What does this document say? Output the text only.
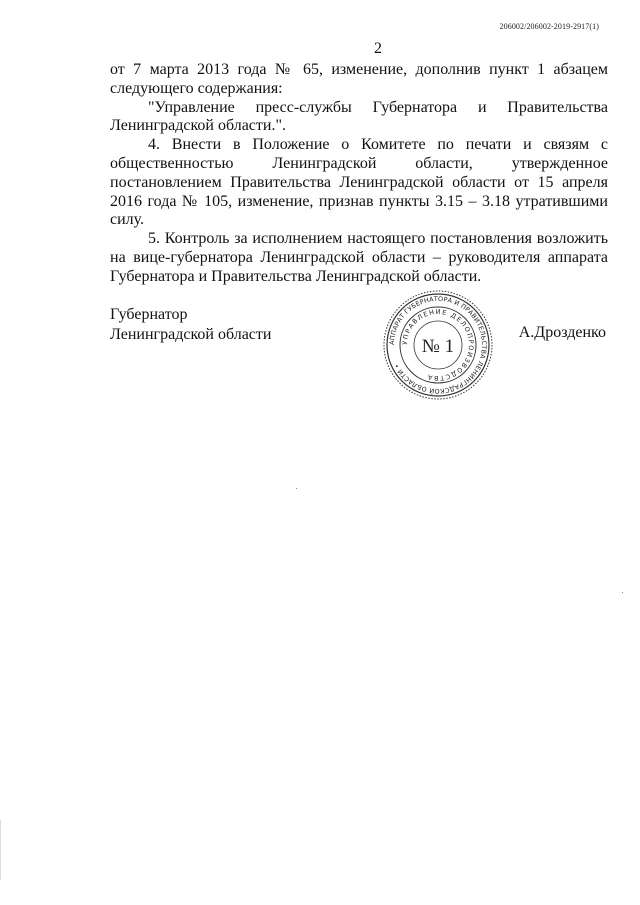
206002/206002-2019-2917(1)
2

от 7 марта 2013 года № 65, изменение, дополнив пункт 1 абзацем следующего содержания:

"Управление пресс-службы Губернатора и Правительства Ленинградской области.".

4. Внести в Положение о Комитете по печати и связям с общественностью Ленинградской области, утвержденное постановлением Правительства Ленинградской области от 15 апреля 2016 года № 105, изменение, признав пункты 3.15 – 3.18 утратившими силу.

5. Контроль за исполнением настоящего постановления возложить на вице-губернатора Ленинградской области – руководителя аппарата Губернатора и Правительства Ленинградской области.

Губернатор
Ленинградской области
АППАРАТ ГУБЕРНАТОРА И ПРАВИТЕЛЬСТВА ЛЕНИНГРАДСКОЙ ОБЛАСТИ •
УПРАВЛЕНИЕ ДЕЛОПРОИЗВОДСТВА
№ 1
А.Дрозденко
